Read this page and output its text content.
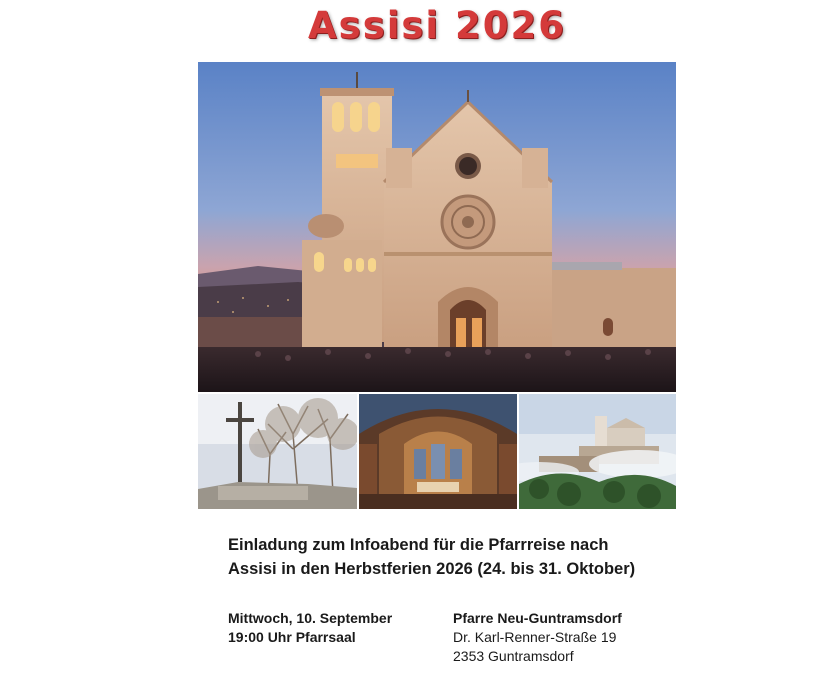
Assisi 2026
Einladung zum Infoabend für die Pfarrreise nach
Assisi in den Herbstferien 2026 (24. bis 31. Oktober)
Mittwoch, 10. September
19:00 Uhr Pfarrsaal
Pfarre Neu-Guntramsdorf
Dr. Karl-Renner-Straße 19
2353 Guntramsdorf
